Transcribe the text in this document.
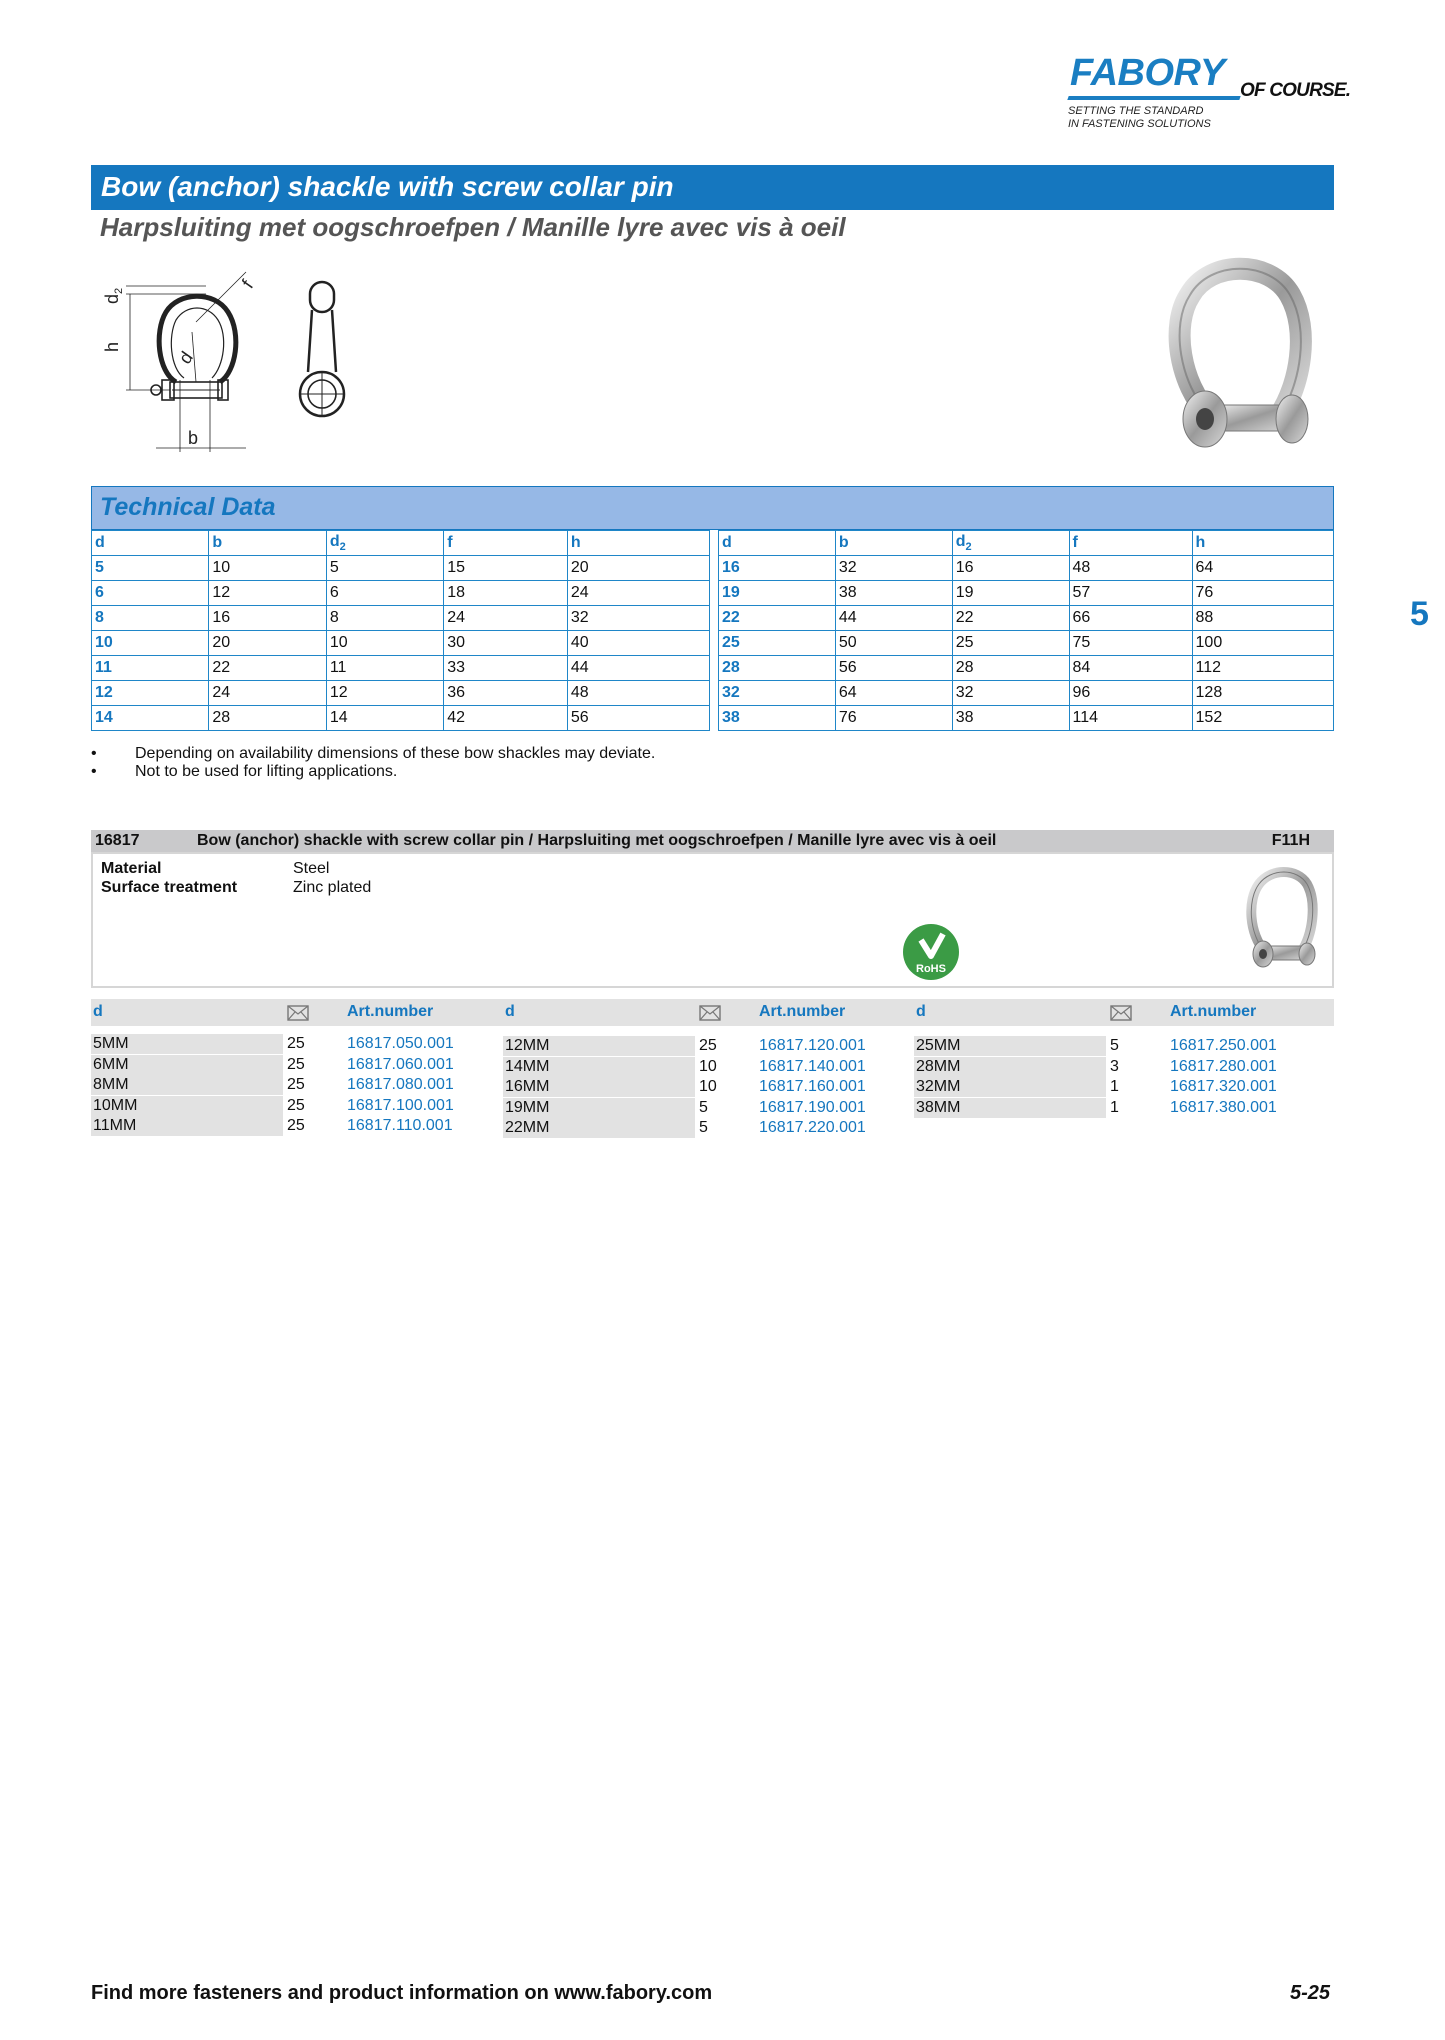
FABORY OF COURSE.
SETTING THE STANDARD
IN FASTENING SOLUTIONS
Bow (anchor) shackle with screw collar pin
Harpsluiting met oogschroefpen / Manille lyre avec vis à oeil
$d_2$
h
d
f
b
Technical Data
d	b	$d_2$	f	h
5	10	5	15	20
6	12	6	18	24
8	16	8	24	32
10	20	10	30	40
11	22	11	33	44
12	24	12	36	48
14	28	14	42	56
d	b	$d_2$	f	h
16	32	16	48	64
19	38	19	57	76
22	44	22	66	88
25	50	25	75	100
28	56	28	84	112
32	64	32	96	128
38	76	38	114	152
5
• Depending on availability dimensions of these bow shackles may deviate.
• Not to be used for lifting applications.
16817	Bow (anchor) shackle with screw collar pin / Harpsluiting met oogschroefpen / Manille lyre avec vis à oeil	F11H
Material	Steel
Surface treatment	Zinc plated
RoHS
d	Art.number	d	Art.number	d	Art.number
5MM	25	16817.050.001
6MM	25	16817.060.001
8MM	25	16817.080.001
10MM	25	16817.100.001
11MM	25	16817.110.001
12MM	25	16817.120.001
14MM	10	16817.140.001
16MM	10	16817.160.001
19MM	5	16817.190.001
22MM	5	16817.220.001
25MM	5	16817.250.001
28MM	3	16817.280.001
32MM	1	16817.320.001
38MM	1	16817.380.001
Find more fasteners and product information on www.fabory.com	5-25
